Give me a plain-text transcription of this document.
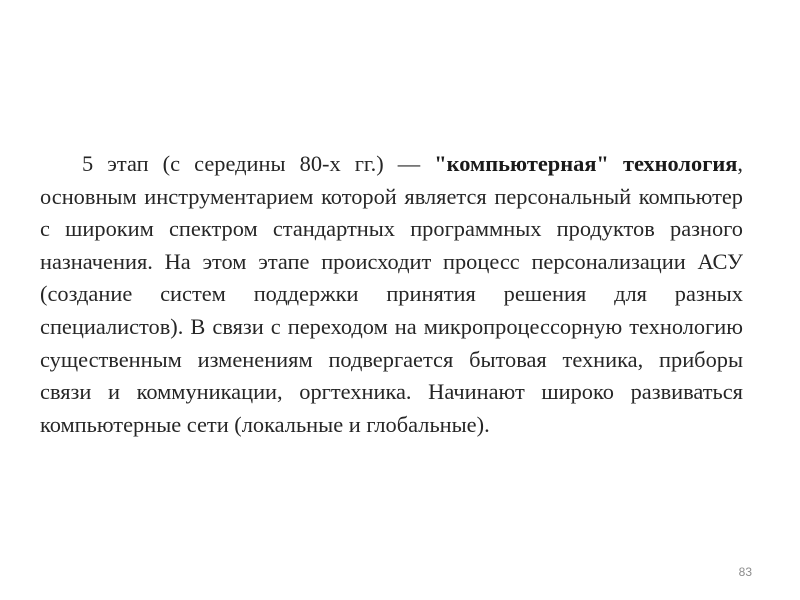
5 этап (с середины 80-х гг.) — "компьютерная" технология, основным инструментарием которой является персональный компьютер с широким спектром стандартных программных продуктов разного назначения. На этом этапе происходит процесс персонализации АСУ (создание систем поддержки принятия решения для разных специалистов). В связи с переходом на микропроцессорную технологию существенным изменениям подвергается бытовая техника, приборы связи и коммуникации, оргтехника. Начинают широко развиваться компьютерные сети (локальные и глобальные).

83
